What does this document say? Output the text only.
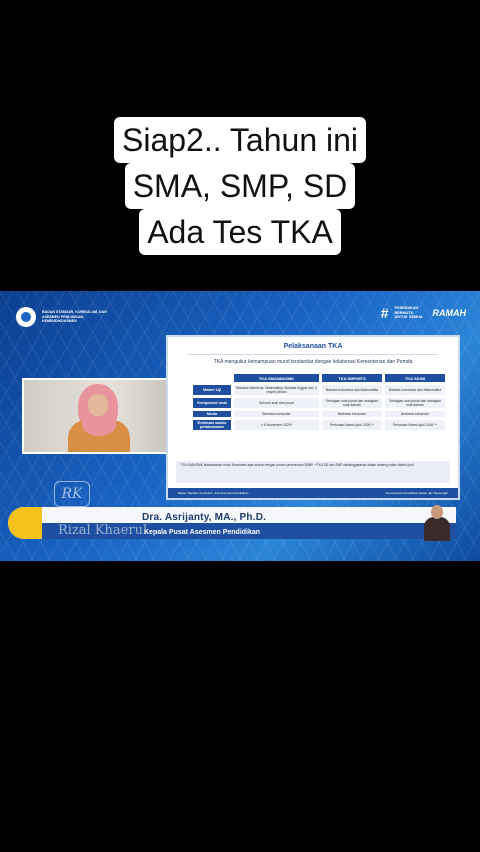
Siap2.. Tahun ini
SMA, SMP, SD
Ada Tes TKA
BADAN STANDAR, KURIKULUM, DAN ASESMEN PENDIDIKAN KEMENDIKDASMEN
# PENDIDIKAN BERMUTU UNTUK SEMUA	RAMAH
Pelaksanaan TKA
TKA mengukur kemampuan murid terstandar dengan kolaborasi Kementerian dan Pemda
	TKA SMA/MA/SMK	TKA SMP/MTS	TKA SD/MI
Materi Uji	Bahasa Indonesia, Matematika, Bahasa Inggris dan 2 mapel pilihan	Bahasa Indonesia dan Matematika	Bahasa Indonesia dan Matematika
Komposisi soal	Seluruh soal dari pusat	Sebagian soal pusat dan sebagian soal daerah	Sebagian soal pusat dan sebagian soal daerah
Moda	Berbasis komputer	Berbasis komputer	Berbasis komputer
Estimasi waktu pelaksanaan	± 6 November 2025*	Perkiraan Maret-April 2026 **	Perkiraan Maret-April 2026 **
*TKA SMA/SMK dilaksanakan mulai November agar sesuai dengan proses penerimaan SNBP. **TKA SD dan SMP diselenggarakan dalam rentang waktu Maret-April.
Badan Standar, Kurikulum, dan Asesmen Pendidikan	Kementerian Pendidikan Dasar dan Menengah
Dra. Asrijanty, MA., Ph.D.
Kepala Pusat Asesmen Pendidikan
RK
Rizal Khaerul
